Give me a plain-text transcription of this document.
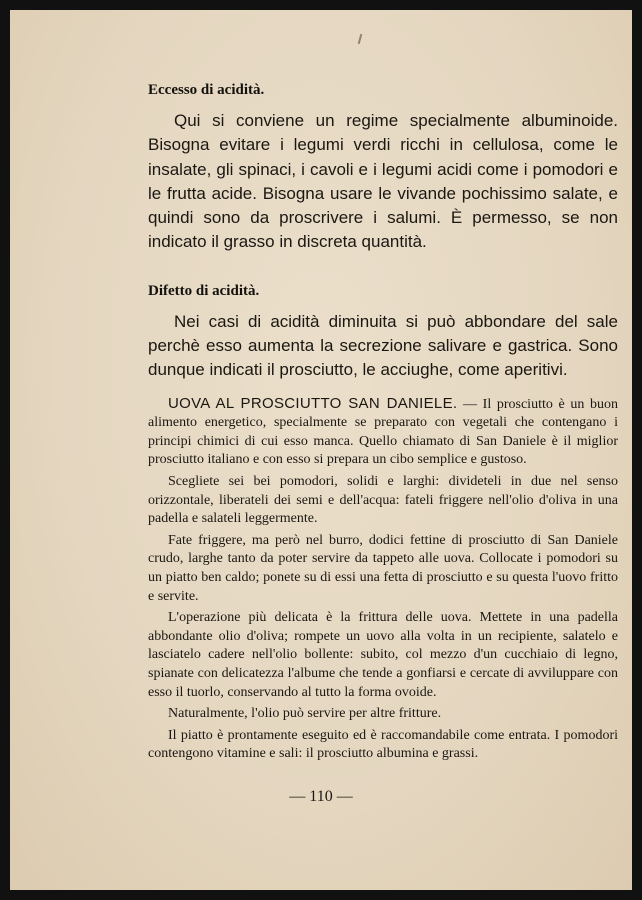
Eccesso di acidità.

Qui si conviene un regime specialmente albuminoide. Bisogna evitare i legumi verdi ricchi in cellulosa, come le insalate, gli spinaci, i cavoli e i legumi acidi come i pomodori e le frutta acide. Bisogna usare le vivande pochissimo salate, e quindi sono da proscrivere i salumi. È permesso, se non indicato il grasso in discreta quantità.

Difetto di acidità.

Nei casi di acidità diminuita si può abbondare del sale perchè esso aumenta la secrezione salivare e gastrica. Sono dunque indicati il prosciutto, le acciughe, come aperitivi.

UOVA AL PROSCIUTTO SAN DANIELE. — Il prosciutto è un buon alimento energetico, specialmente se preparato con vegetali che contengano i principi chimici di cui esso manca. Quello chiamato di San Daniele è il miglior prosciutto italiano e con esso si prepara un cibo semplice e gustoso.

Scegliete sei bei pomodori, solidi e larghi: divideteli in due nel senso orizzontale, liberateli dei semi e dell'acqua: fateli friggere nell'olio d'oliva in una padella e salateli leggermente.

Fate friggere, ma però nel burro, dodici fettine di prosciutto di San Daniele crudo, larghe tanto da poter servire da tappeto alle uova. Collocate i pomodori su un piatto ben caldo; ponete su di essi una fetta di prosciutto e su questa l'uovo fritto e servite.

L'operazione più delicata è la frittura delle uova. Mettete in una padella abbondante olio d'oliva; rompete un uovo alla volta in un recipiente, salatelo e lasciatelo cadere nell'olio bollente: subito, col mezzo d'un cucchiaio di legno, spianate con delicatezza l'albume che tende a gonfiarsi e cercate di avviluppare con esso il tuorlo, conservando al tutto la forma ovoide.

Naturalmente, l'olio può servire per altre fritture.

Il piatto è prontamente eseguito ed è raccomandabile come entrata. I pomodori contengono vitamine e sali: il prosciutto albumina e grassi.

— 110 —
